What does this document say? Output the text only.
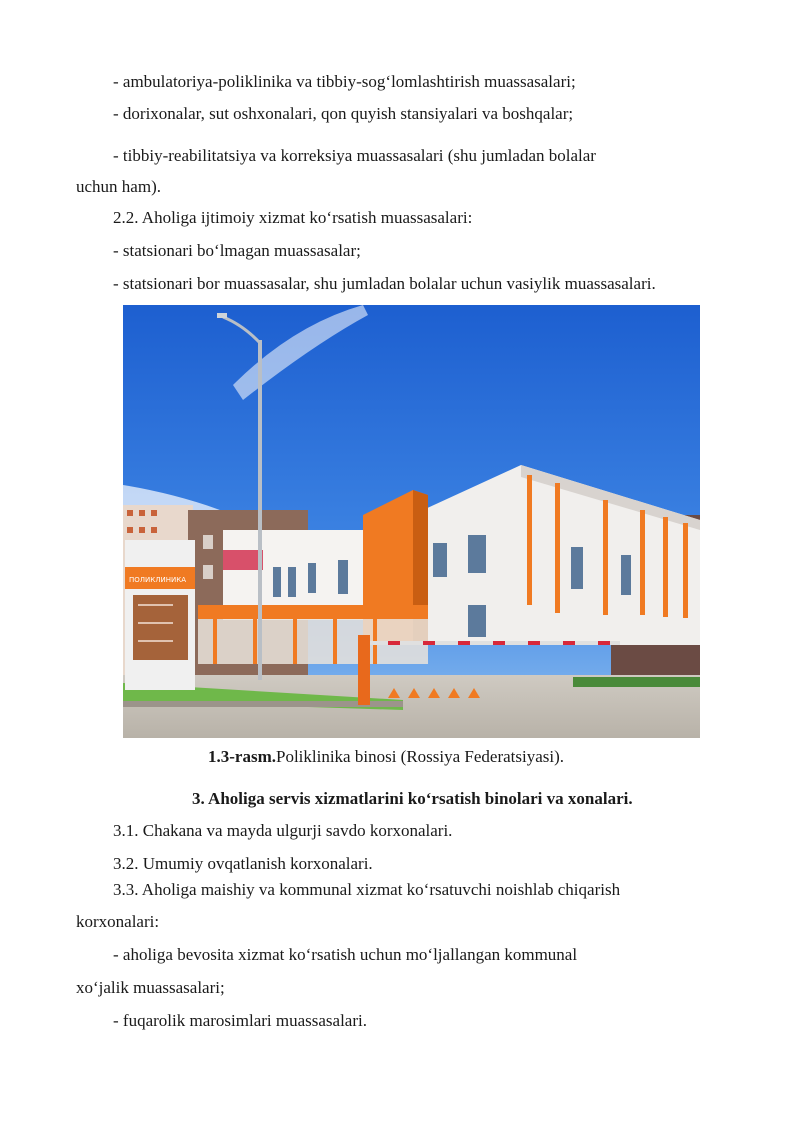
- ambulatoriya-poliklinika va tibbiy-sog‘lomlashtirish muassasalari;
- dorixonalar, sut oshxonalari, qon quyish stansiyalari va boshqalar;
- tibbiy-reabilitatsiya va korreksiya muassasalari (shu jumladan bolalar
uchun ham).
2.2. Aholiga ijtimoiy xizmat ko‘rsatish muassasalari:
- statsionari bo‘lmagan muassasalar;
- statsionari bor muassasalar, shu jumladan bolalar uchun vasiylik muassasalari.
ПОЛИКЛИНИКА
1.3-rasm.Poliklinika binosi (Rossiya Federatsiyasi).
3. Aholiga servis xizmatlarini ko‘rsatish binolari va xonalari.
3.1. Chakana va mayda ulgurji savdo korxonalari.
3.2. Umumiy ovqatlanish korxonalari.
3.3. Aholiga maishiy va kommunal xizmat ko‘rsatuvchi noishlab chiqarish
korxonalari:
- aholiga bevosita xizmat ko‘rsatish uchun mo‘ljallangan kommunal
xo‘jalik muassasalari;
- fuqarolik marosimlari muassasalari.
